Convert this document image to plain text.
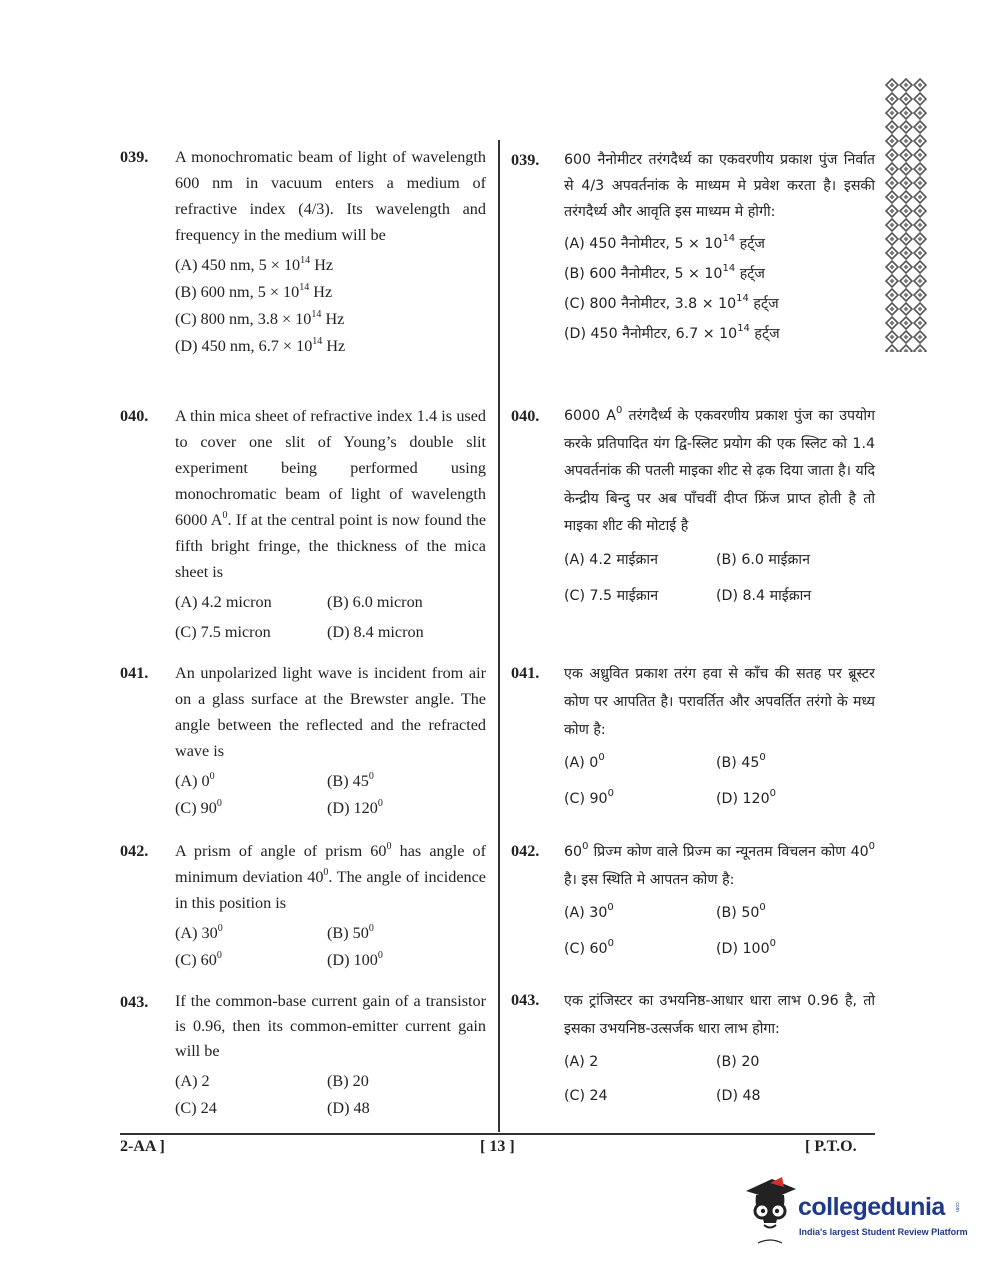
039.	A monochromatic beam of light of wavelength 600 nm in vacuum enters a medium of refractive index (4/3). Its wavelength and frequency in the medium will be
(A) 450 nm, $5 \times 10^{14}$ Hz
(B) 600 nm, $5 \times 10^{14}$ Hz
(C) 800 nm, $3.8 \times 10^{14}$ Hz
(D) 450 nm, $6.7 \times 10^{14}$ Hz
039.	600 नैनोमीटर तरंगदैर्ध्य का एकवरणीय प्रकाश पुंज निर्वात से 4/3 अपवर्तनांक के माध्यम मे प्रवेश करता है। इसकी तरंगदैर्ध्य और आवृति इस माध्यम मे होगी:
(A) 450 नैनोमीटर, $5 \times 10^{14}$ हर्ट्ज
(B) 600 नैनोमीटर, $5 \times 10^{14}$ हर्ट्ज
(C) 800 नैनोमीटर, $3.8 \times 10^{14}$ हर्ट्ज
(D) 450 नैनोमीटर, $6.7 \times 10^{14}$ हर्ट्ज
040.	A thin mica sheet of refractive index 1.4 is used to cover one slit of Young’s double slit experiment being performed using monochromatic beam of light of wavelength 6000 $A^0$. If at the central point is now found the fifth bright fringe, the thickness of the mica sheet is
(A) 4.2 micron	(B) 6.0 micron
(C) 7.5 micron	(D) 8.4 micron
040.	6000 $A^0$ तरंगदैर्ध्य के एकवरणीय प्रकाश पुंज का उपयोग करके प्रतिपादित यंग द्वि-स्लिट प्रयोग की एक स्लिट को 1.4 अपवर्तनांक की पतली माइका शीट से ढ़क दिया जाता है। यदि केन्द्रीय बिन्दु पर अब पाँचवीं दीप्त फ्रिंज प्राप्त होती है तो माइका शीट की मोटाई है
(A) 4.2 माईक्रान	(B) 6.0 माईक्रान
(C) 7.5 माईक्रान	(D) 8.4 माईक्रान
041.	An unpolarized light wave is incident from air on a glass surface at the Brewster angle. The angle between the reflected and the refracted wave is
(A) $0^0$	(B) $45^0$
(C) $90^0$	(D) $120^0$
041.	एक अध्रुवित प्रकाश तरंग हवा से काँच की सतह पर ब्रूस्टर कोण पर आपतित है। परावर्तित और अपवर्तित तरंगो के मध्य कोण है:
(A) $0^0$	(B) $45^0$
(C) $90^0$	(D) $120^0$
042.	A prism of angle of prism $60^0$ has angle of minimum deviation $40^0$. The angle of incidence in this position is
(A) $30^0$	(B) $50^0$
(C) $60^0$	(D) $100^0$
042.	$60^0$ प्रिज्म कोण वाले प्रिज्म का न्यूनतम विचलन कोण $40^0$ है। इस स्थिति मे आपतन कोण है:
(A) $30^0$	(B) $50^0$
(C) $60^0$	(D) $100^0$
043.	If the common-base current gain of a transistor is 0.96, then its common-emitter current gain will be
(A) 2	(B) 20
(C) 24	(D) 48
043.	एक ट्रांजिस्टर का उभयनिष्ठ-आधार धारा लाभ 0.96 है, तो इसका उभयनिष्ठ-उत्सर्जक धारा लाभ होगा:
(A) 2	(B) 20
(C) 24	(D) 48
2-AA ]	[ 13 ]	[ P.T.O.
collegedunia .com
India's largest Student Review Platform
